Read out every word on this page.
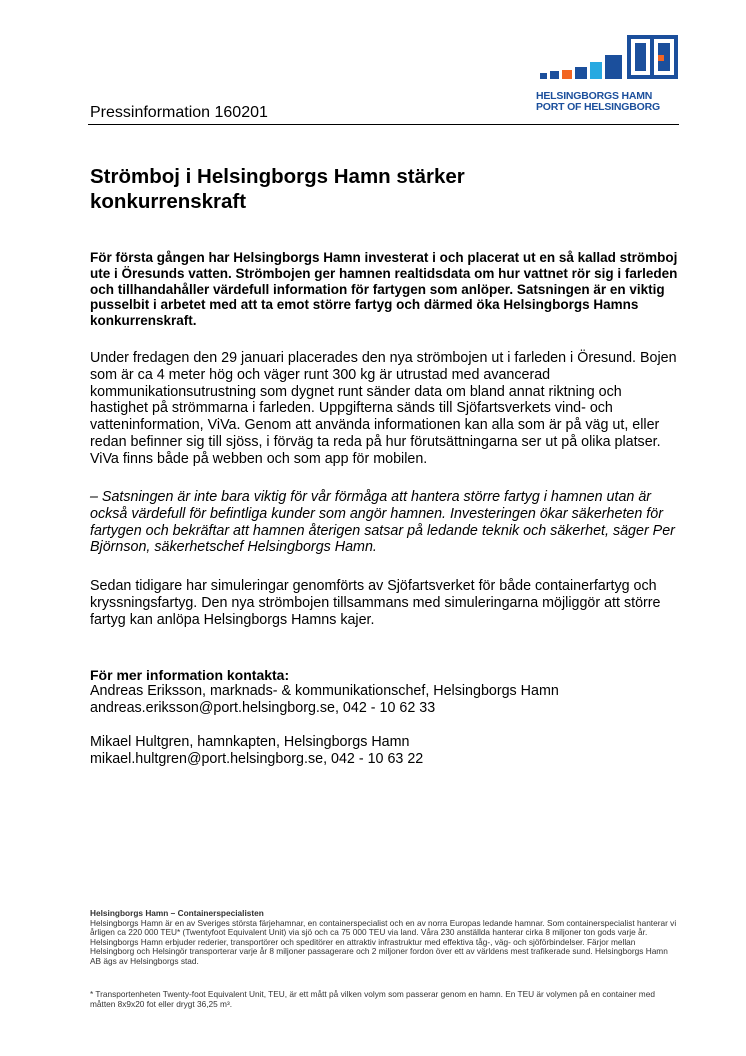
Pressinformation 160201
HELSINGBORGS HAMN
PORT OF HELSINGBORG
Strömboj i Helsingborgs Hamn stärker konkurrenskraft

För första gången har Helsingborgs Hamn investerat i och placerat ut en så kallad strömboj ute i Öresunds vatten. Strömbojen ger hamnen realtidsdata om hur vattnet rör sig i farleden och tillhandahåller värdefull information för fartygen som anlöper. Satsningen är en viktig pusselbit i arbetet med att ta emot större fartyg och därmed öka Helsingborgs Hamns konkurrenskraft.

Under fredagen den 29 januari placerades den nya strömbojen ut i farleden i Öresund. Bojen som är ca 4 meter hög och väger runt 300 kg är utrustad med avancerad kommunikationsutrustning som dygnet runt sänder data om bland annat riktning och hastighet på strömmarna i farleden. Uppgifterna sänds till Sjöfartsverkets vind- och vatteninformation, ViVa. Genom att använda informationen kan alla som är på väg ut, eller redan befinner sig till sjöss, i förväg ta reda på hur förutsättningarna ser ut på olika platser. ViVa finns både på webben och som app för mobilen.

– Satsningen är inte bara viktig för vår förmåga att hantera större fartyg i hamnen utan är också värdefull för befintliga kunder som angör hamnen. Investeringen ökar säkerheten för fartygen och bekräftar att hamnen återigen satsar på ledande teknik och säkerhet, säger Per Björnson, säkerhetschef Helsingborgs Hamn.

Sedan tidigare har simuleringar genomförts av Sjöfartsverket för både containerfartyg och kryssningsfartyg. Den nya strömbojen tillsammans med simuleringarna möjliggör att större fartyg kan anlöpa Helsingborgs Hamns kajer.

För mer information kontakta:
Andreas Eriksson, marknads- & kommunikationschef, Helsingborgs Hamn
andreas.eriksson@port.helsingborg.se, 042 - 10 62 33
Mikael Hultgren, hamnkapten, Helsingborgs Hamn
mikael.hultgren@port.helsingborg.se, 042 - 10 63 22
Helsingborgs Hamn – Containerspecialisten
Helsingborgs Hamn är en av Sveriges största färjehamnar, en containerspecialist och en av norra Europas ledande hamnar. Som containerspecialist hanterar vi årligen ca 220 000 TEU* (Twentyfoot Equivalent Unit) via sjö och ca 75 000 TEU via land. Våra 230 anställda hanterar cirka 8 miljoner ton gods varje år. Helsingborgs Hamn erbjuder rederier, transportörer och speditörer en attraktiv infrastruktur med effektiva tåg-, väg- och sjöförbindelser. Färjor mellan Helsingborg och Helsingör transporterar varje år 8 miljoner passagerare och 2 miljoner fordon över ett av världens mest trafikerade sund. Helsingborgs Hamn AB ägs av Helsingborgs stad.
* Transportenheten Twenty-foot Equivalent Unit, TEU, är ett mått på vilken volym som passerar genom en hamn. En TEU är volymen på en container med måtten 8x9x20 fot eller drygt 36,25 m³.
